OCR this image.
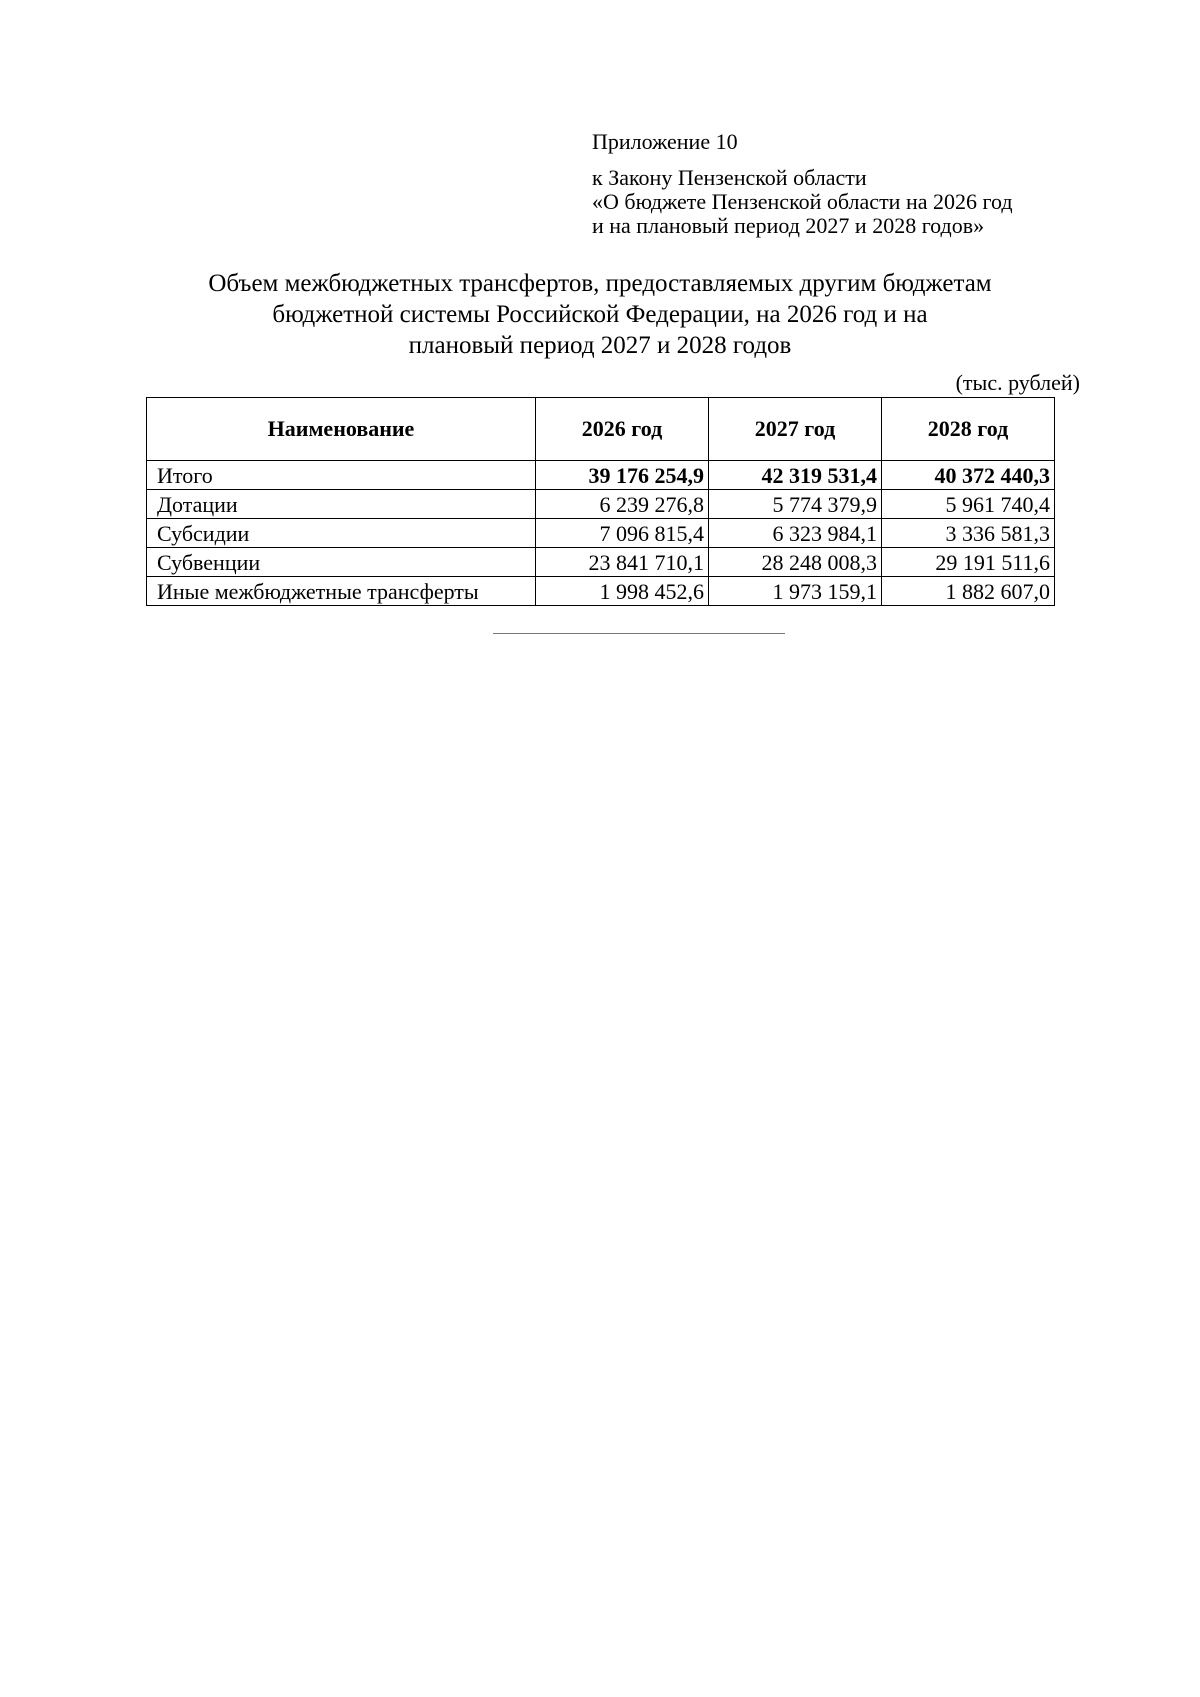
Приложение 10
к Закону Пензенской области
«О бюджете Пензенской области на 2026 год
и на плановый период 2027 и 2028 годов»
Объем межбюджетных трансфертов, предоставляемых другим бюджетам
бюджетной системы Российской Федерации, на 2026 год и на
плановый период 2027 и 2028 годов
(тыс. рублей)
Наименование	2026 год	2027 год	2028 год
Итого	39 176 254,9	42 319 531,4	40 372 440,3
Дотации	6 239 276,8	5 774 379,9	5 961 740,4
Субсидии	7 096 815,4	6 323 984,1	3 336 581,3
Субвенции	23 841 710,1	28 248 008,3	29 191 511,6
Иные межбюджетные трансферты	1 998 452,6	1 973 159,1	1 882 607,0
